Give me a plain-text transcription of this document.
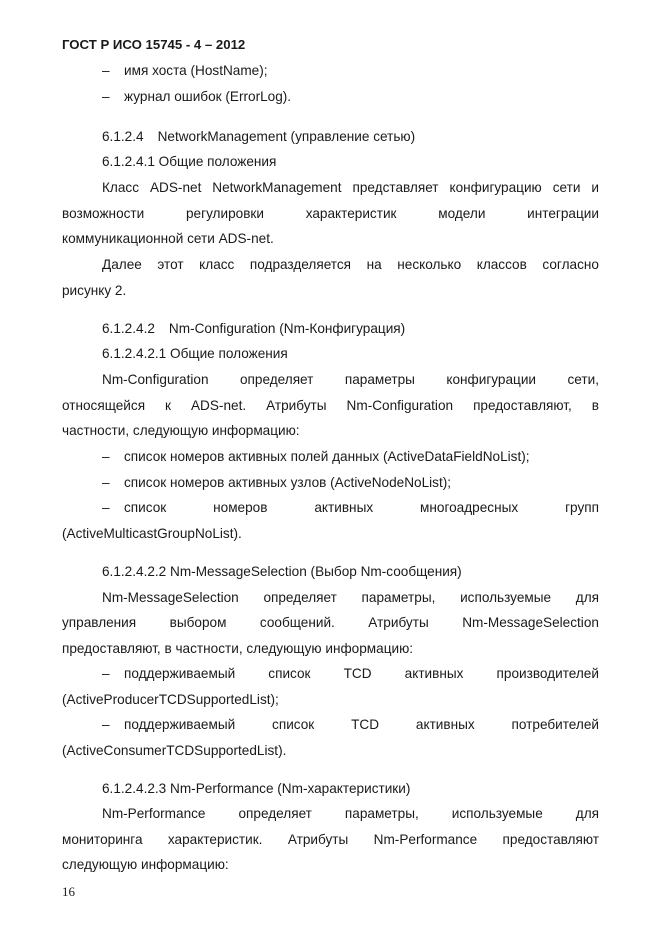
ГОСТ Р ИСО 15745 - 4 – 2012
– имя хоста (HostName);
– журнал ошибок (ErrorLog).
6.1.2.4 NetworkManagement (управление сетью)
6.1.2.4.1 Общие положения
Класс ADS-net NetworkManagement представляет конфигурацию сети и
возможности	регулировки	характеристик	модели	интеграции
коммуникационной сети ADS-net.
Далее этот класс подразделяется на несколько классов согласно
рисунку 2.
6.1.2.4.2 Nm-Configuration (Nm-Конфигурация)
6.1.2.4.2.1 Общие положения
Nm-Configuration определяет параметры конфигурации сети,
относящейся к ADS-net. Атрибуты Nm-Configuration предоставляют, в
частности, следующую информацию:
– список номеров активных полей данных (ActiveDataFieldNoList);
– список номеров активных узлов (ActiveNodeNoList);
–	список	номеров	активных	многоадресных	групп
(ActiveMulticastGroupNoList).
6.1.2.4.2.2 Nm-MessageSelection (Выбор Nm-сообщения)
Nm-MessageSelection определяет параметры, используемые для
управления выбором сообщений. Атрибуты Nm-MessageSelection
предоставляют, в частности, следующую информацию:
–	поддерживаемый список TCD активных производителей
(ActiveProducerTCDSupportedList);
–	поддерживаемый	список	TCD	активных	потребителей
(ActiveConsumerTCDSupportedList).
6.1.2.4.2.3 Nm-Performance (Nm-характеристики)
Nm-Performance определяет параметры, используемые для
мониторинга характеристик. Атрибуты Nm-Performance предоставляют
следующую информацию:
16
